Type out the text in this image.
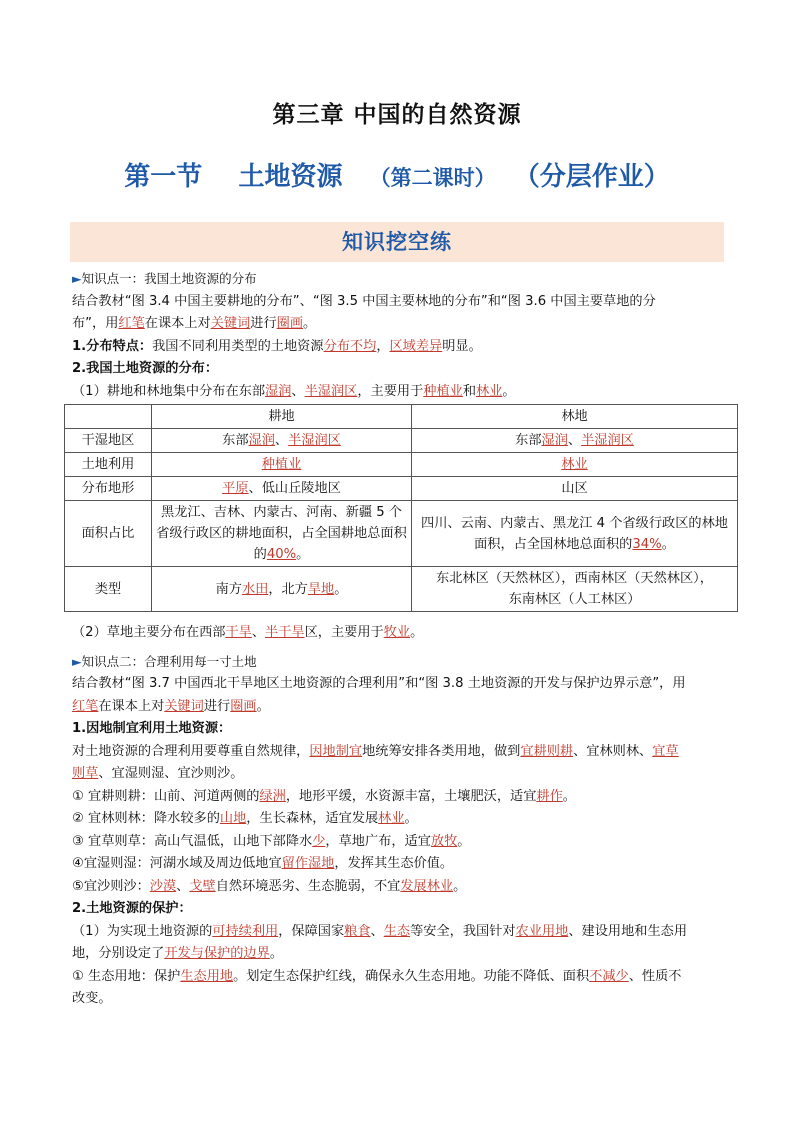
第三章 中国的自然资源
第一节 土地资源 （第二课时） （分层作业）
知识挖空练

►知识点一：我国土地资源的分布

结合教材“图 3.4 中国主要耕地的分布”、“图 3.5 中国主要林地的分布”和“图 3.6 中国主要草地的分

布”，用红笔在课本上对关键词进行圈画。

1.分布特点：我国不同利用类型的土地资源分布不均，区域差异明显。

2.我国土地资源的分布：

（1）耕地和林地集中分布在东部湿润、半湿润区，主要用于种植业和林业。

	耕地	林地
干湿地区	东部湿润、半湿润区	东部湿润、半湿润区
土地利用	种植业	林业
分布地形	平原、低山丘陵地区	山区
面积占比	黑龙江、吉林、内蒙古、河南、新疆 5 个省级行政区的耕地面积，占全国耕地总面积的40%。	四川、云南、内蒙古、黑龙江 4 个省级行政区的林地面积，占全国林地总面积的34%。
类型	南方水田，北方旱地。	东北林区（天然林区），西南林区（天然林区），
东南林区（人工林区）

（2）草地主要分布在西部干旱、半干旱区，主要用于牧业。

►知识点二：合理利用每一寸土地

结合教材“图 3.7 中国西北干旱地区土地资源的合理利用”和“图 3.8 土地资源的开发与保护边界示意”，用

红笔在课本上对关键词进行圈画。

1.因地制宜利用土地资源：

对土地资源的合理利用要尊重自然规律，因地制宜地统筹安排各类用地，做到宜耕则耕、宜林则林、宜草

则草、宜湿则湿、宜沙则沙。

① 宜耕则耕：山前、河道两侧的绿洲，地形平缓，水资源丰富，土壤肥沃，适宜耕作。

② 宜林则林：降水较多的山地，生长森林，适宜发展林业。

③ 宜草则草：高山气温低，山地下部降水少，草地广布，适宜放牧。

④宜湿则湿：河湖水域及周边低地宜留作湿地，发挥其生态价值。

⑤宜沙则沙：沙漠、戈壁自然环境恶劣、生态脆弱，不宜发展林业。

2.土地资源的保护：

（1）为实现土地资源的可持续利用，保障国家粮食、生态等安全，我国针对农业用地、建设用地和生态用

地，分别设定了开发与保护的边界。

① 生态用地：保护生态用地。划定生态保护红线，确保永久生态用地。功能不降低、面积不减少、性质不

改变。
